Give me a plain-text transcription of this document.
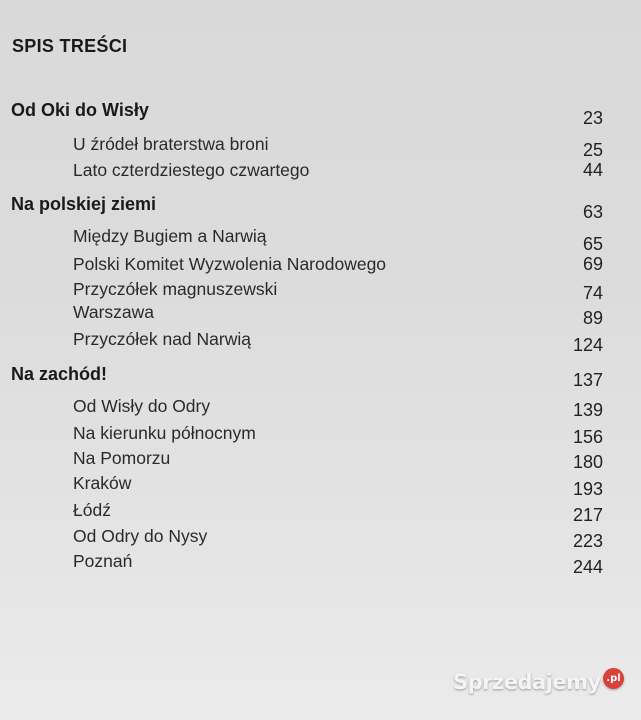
SPIS TREŚCI
Od Oki do Wisły	23
U źródeł braterstwa broni	25
Lato czterdziestego czwartego	44
Na polskiej ziemi	63
Między Bugiem a Narwią	65
Polski Komitet Wyzwolenia Narodowego	69
Przyczółek magnuszewski	74
Warszawa	89
Przyczółek nad Narwią	124
Na zachód!	137
Od Wisły do Odry	139
Na kierunku północnym	156
Na Pomorzu	180
Kraków	193
Łódź	217
Od Odry do Nysy	223
Poznań	244
Sprzedajemy .pl
